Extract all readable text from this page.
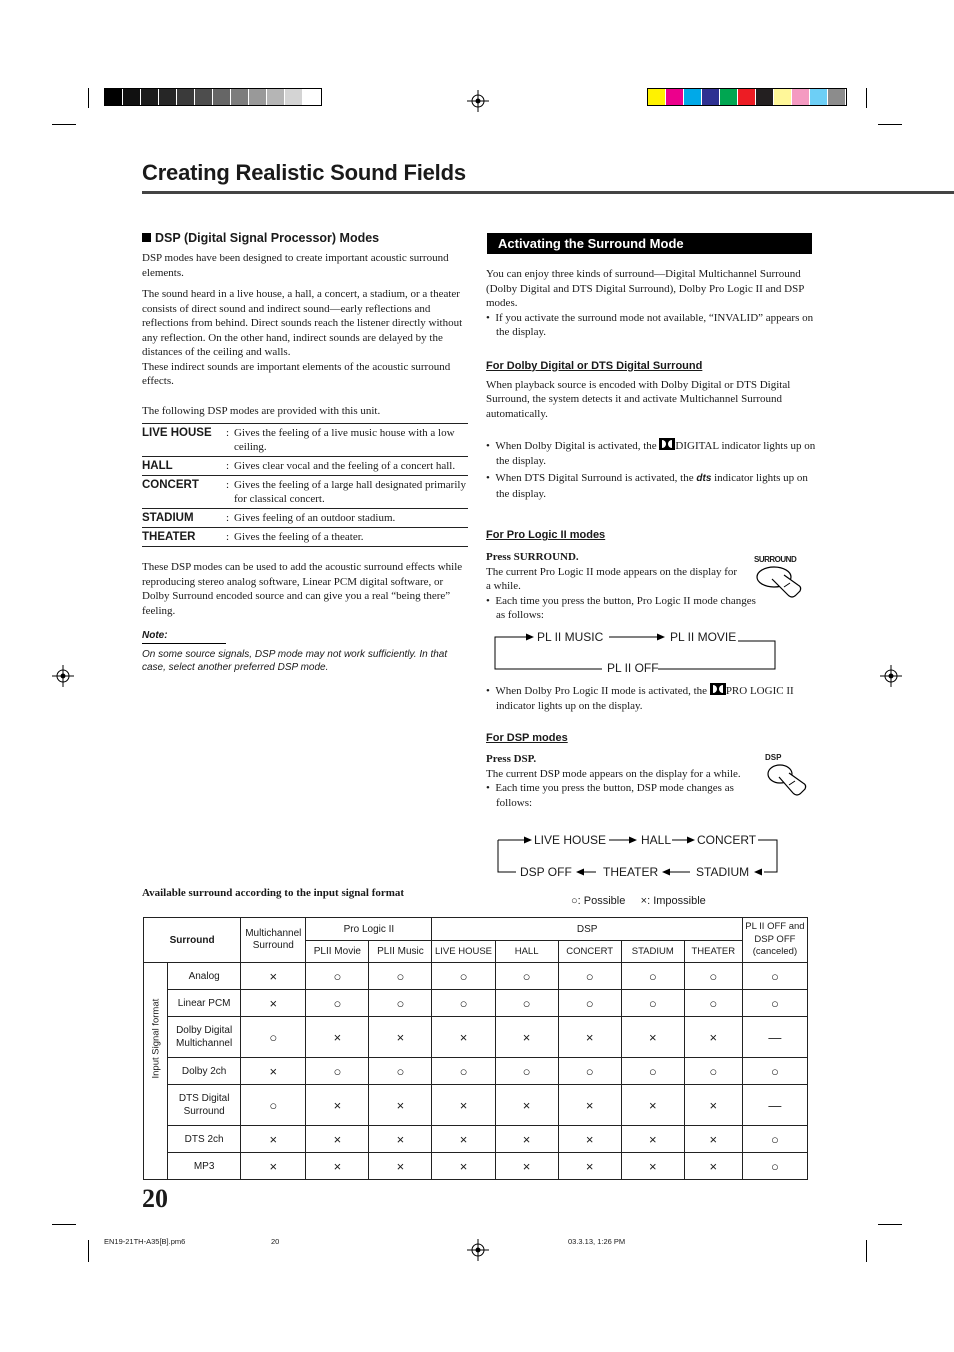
Creating Realistic Sound Fields
DSP (Digital Signal Processor) Modes

DSP modes have been designed to create important acoustic surround elements.

The sound heard in a live house, a hall, a concert, a stadium, or a theater consists of direct sound and indirect sound—early reflections and reflections from behind. Direct sounds reach the listener directly without any reflection. On the other hand, indirect sounds are delayed by the distances of the ceiling and walls.

These indirect sounds are important elements of the acoustic surround effects.

The following DSP modes are provided with this unit.

LIVE HOUSE	:	Gives the feeling of a live music house with a low ceiling.
HALL	:	Gives clear vocal and the feeling of a concert hall.
CONCERT	:	Gives the feeling of a large hall designated primarily for classical concert.
STADIUM	:	Gives feeling of an outdoor stadium.
THEATER	:	Gives the feeling of a theater.

These DSP modes can be used to add the acoustic surround effects while reproducing stereo analog software, Linear PCM digital software, or Dolby Surround encoded source and can give you a real “being there” feeling.

Note:

On some source signals, DSP mode may not work sufficiently. In that case, select another preferred DSP mode.

Activating the Surround Mode

You can enjoy three kinds of surround—Digital Multichannel Surround (Dolby Digital and DTS Digital Surround), Dolby Pro Logic II and DSP modes.

•  If you activate the surround mode not available, “INVALID” appears on the display.

For Dolby Digital or DTS Digital Surround

When playback source is encoded with Dolby Digital or DTS Digital Surround, the system detects it and activate Multichannel Surround automatically.

•  When Dolby Digital is activated, the
DIGITAL indicator lights up on the display.

•  When DTS Digital Surround is activated, the dts indicator lights up on the display.

For Pro Logic II modes

Press SURROUND.

The current Pro Logic II mode appears on the display for a while.

•  Each time you press the button, Pro Logic II mode changes as follows:

SURROUND
PL II MUSIC	PL II MOVIE
PL II OFF

•  When Dolby Pro Logic II mode is activated, the
PRO LOGIC II indicator lights up on the display.

For DSP modes

Press DSP.

The current DSP mode appears on the display for a while.

•  Each time you press the button, DSP mode changes as follows:

DSP
LIVE HOUSE	HALL CONCERT
STADIUM
THEATER
DSP OFF
Available surround according to the input signal format
○: Possible ×: Impossible
Surround		Multichannel Surround	Pro Logic II		DSP					PL II OFF and DSP OFF (canceled)
			PLII Movie	PLII Music	LIVE HOUSE	HALL	CONCERT	STADIUM	THEATER	

Input Signal format	Analog	×	○	○	○	○	○	○	○	○
	Linear PCM	×	○	○	○	○	○	○	○	○
	Dolby Digital Multichannel	○	×	×	×	×	×	×	×	—
	Dolby 2ch	×	○	○	○	○	○	○	○	○
	DTS Digital Surround	○	×	×	×	×	×	×	×	—
	DTS 2ch	×	×	×	×	×	×	×	×	○
	MP3	×	×	×	×	×	×	×	×	○
20
EN19-21TH-A35[B].pm6	20	03.3.13, 1:26 PM
